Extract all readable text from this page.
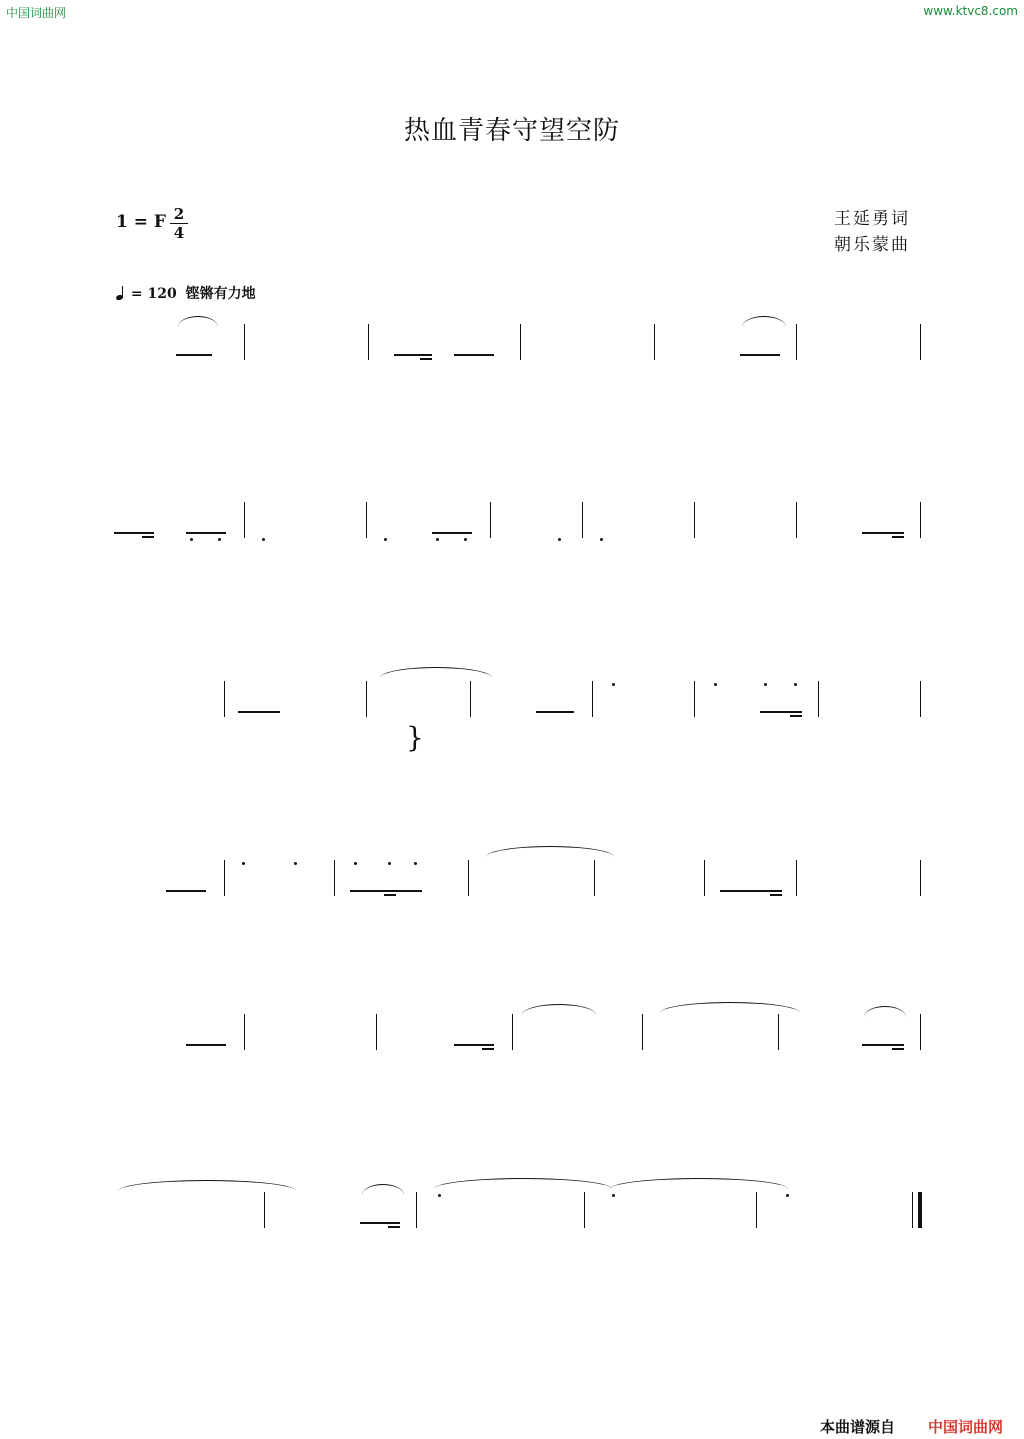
中国词曲网	www.ktvc8.com
热血青春守望空防
王延勇词
朝乐蒙曲
1 = F 2
4
= 120 铿锵有力地
}
本曲谱源自 中国词曲网
